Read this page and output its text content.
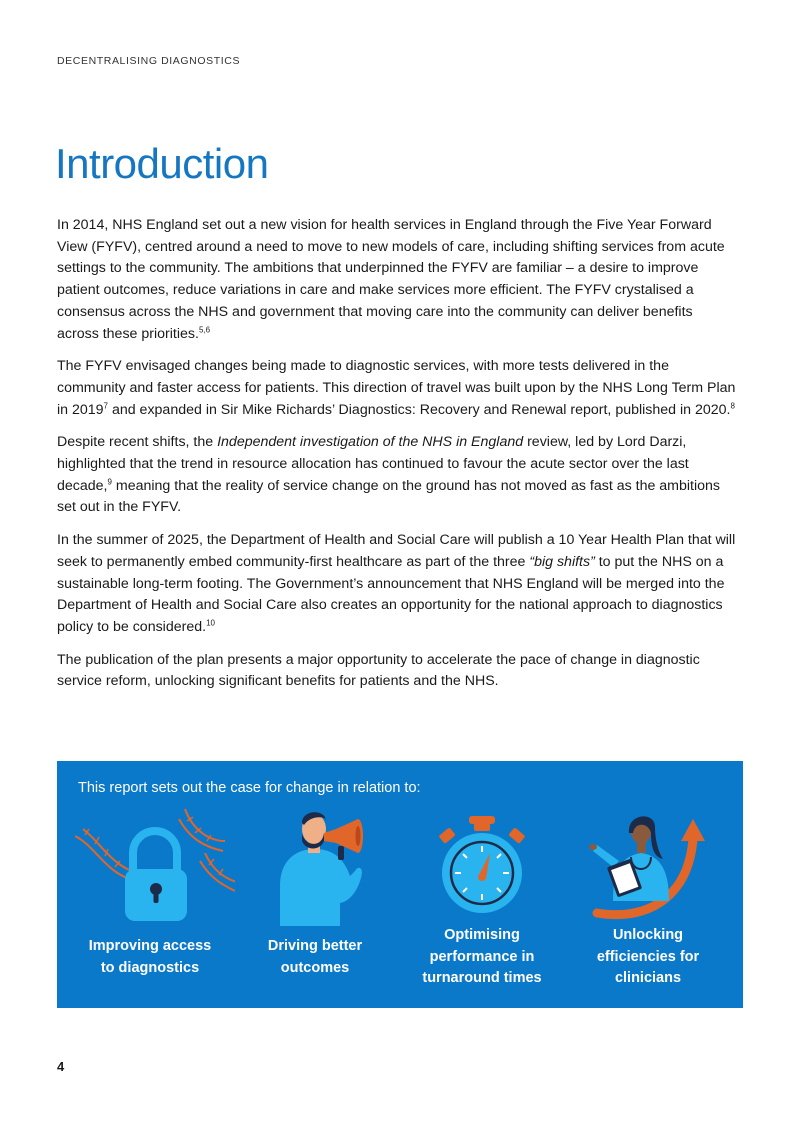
DECENTRALISING DIAGNOSTICS
Introduction

In 2014, NHS England set out a new vision for health services in England through the Five Year Forward View (FYFV), centred around a need to move to new models of care, including shifting services from acute settings to the community. The ambitions that underpinned the FYFV are familiar – a desire to improve patient outcomes, reduce variations in care and make services more efficient. The FYFV crystalised a consensus across the NHS and government that moving care into the community can deliver benefits across these priorities.$^{5,6}$

The FYFV envisaged changes being made to diagnostic services, with more tests delivered in the community and faster access for patients. This direction of travel was built upon by the NHS Long Term Plan in 2019$^7$ and expanded in Sir Mike Richards’ Diagnostics: Recovery and Renewal report, published in 2020.$^8$

Despite recent shifts, the Independent investigation of the NHS in England review, led by Lord Darzi, highlighted that the trend in resource allocation has continued to favour the acute sector over the last decade,$^9$ meaning that the reality of service change on the ground has not moved as fast as the ambitions set out in the FYFV.

In the summer of 2025, the Department of Health and Social Care will publish a 10 Year Health Plan that will seek to permanently embed community-first healthcare as part of the three “big shifts” to put the NHS on a sustainable long-term footing. The Government’s announcement that NHS England will be merged into the Department of Health and Social Care also creates an opportunity for the national approach to diagnostics policy to be considered.$^{10}$

The publication of the plan presents a major opportunity to accelerate the pace of change in diagnostic service reform, unlocking significant benefits for patients and the NHS.

This report sets out the case for change in relation to:
Improving access
to diagnostics
Driving better
outcomes
Optimising
performance in
turnaround times
Unlocking
efficiencies for
clinicians
4
